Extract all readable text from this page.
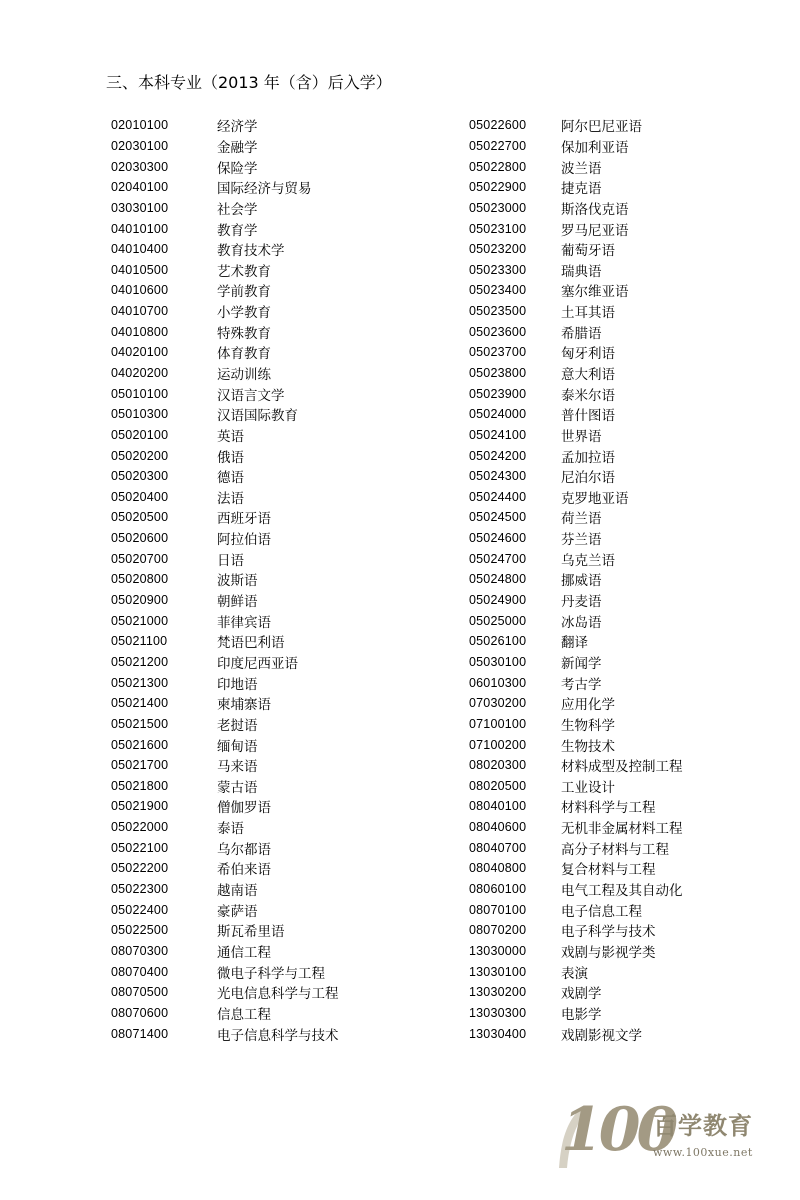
三、本科专业（2013 年（含）后入学）
02010100	经济学
02030100	金融学
02030300	保险学
02040100	国际经济与贸易
03030100	社会学
04010100	教育学
04010400	教育技术学
04010500	艺术教育
04010600	学前教育
04010700	小学教育
04010800	特殊教育
04020100	体育教育
04020200	运动训练
05010100	汉语言文学
05010300	汉语国际教育
05020100	英语
05020200	俄语
05020300	德语
05020400	法语
05020500	西班牙语
05020600	阿拉伯语
05020700	日语
05020800	波斯语
05020900	朝鲜语
05021000	菲律宾语
05021100	梵语巴利语
05021200	印度尼西亚语
05021300	印地语
05021400	柬埔寨语
05021500	老挝语
05021600	缅甸语
05021700	马来语
05021800	蒙古语
05021900	僧伽罗语
05022000	泰语
05022100	乌尔都语
05022200	希伯来语
05022300	越南语
05022400	豪萨语
05022500	斯瓦希里语
08070300	通信工程
08070400	微电子科学与工程
08070500	光电信息科学与工程
08070600	信息工程
08071400	电子信息科学与技术
05022600	阿尔巴尼亚语
05022700	保加利亚语
05022800	波兰语
05022900	捷克语
05023000	斯洛伐克语
05023100	罗马尼亚语
05023200	葡萄牙语
05023300	瑞典语
05023400	塞尔维亚语
05023500	土耳其语
05023600	希腊语
05023700	匈牙利语
05023800	意大利语
05023900	泰米尔语
05024000	普什图语
05024100	世界语
05024200	孟加拉语
05024300	尼泊尔语
05024400	克罗地亚语
05024500	荷兰语
05024600	芬兰语
05024700	乌克兰语
05024800	挪威语
05024900	丹麦语
05025000	冰岛语
05026100	翻译
05030100	新闻学
06010300	考古学
07030200	应用化学
07100100	生物科学
07100200	生物技术
08020300	材料成型及控制工程
08020500	工业设计
08040100	材料科学与工程
08040600	无机非金属材料工程
08040700	高分子材料与工程
08040800	复合材料与工程
08060100	电气工程及其自动化
08070100	电子信息工程
08070200	电子科学与技术
13030000	戏剧与影视学类
13030100	表演
13030200	戏剧学
13030300	电影学
13030400	戏剧影视文学
100
百学教育
www.100xue.net
